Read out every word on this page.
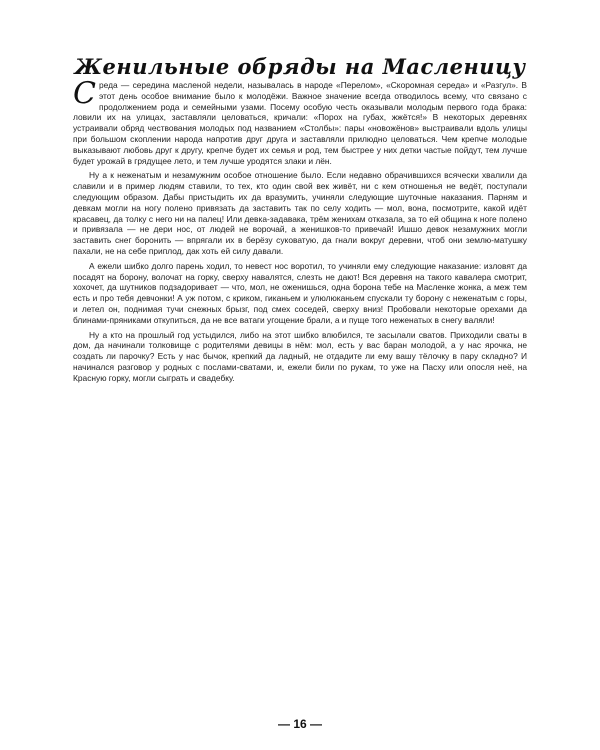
Женильные обряды на Масленицу

Среда — середина масленой недели, называлась в народе «Перелом», «Скоромная середа» и «Разгул». В этот день особое внимание было к молодёжи. Важное значение всегда отводилось всему, что связано с продолжением рода и семейными узами. Посему особую честь оказывали молодым первого года брака: ловили их на улицах, заставляли целоваться, кричали: «Порох на губах, жжётся!» В некоторых деревнях устраивали обряд чествования молодых под названием «Столбы»: пары «новожёнов» выстраивали вдоль улицы при большом скоплении народа напротив друг друга и заставляли прилюдно целоваться. Чем крепче молодые выказывают любовь друг к другу, крепче будет их семья и род, тем быстрее у них детки частые пойдут, тем лучше будет урожай в грядущее лето, и тем лучше уродятся злаки и лён.

Ну а к неженатым и незамужним особое отношение было. Если недавно обрачившихся всячески хвалили да славили и в пример людям ставили, то тех, кто один свой век живёт, ни с кем отношенья не ведёт, поступали следующим образом. Дабы пристыдить их да вразумить, учиняли следующие шуточные наказания. Парням и девкам могли на ногу полено привязать да заставить так по селу ходить — мол, вона, посмотрите, какой идёт красавец, да толку с него ни на палец! Или девка-задавака, трём женихам отказала, за то ей община к ноге полено и привязала — не дери нос, от людей не ворочай, а женишков-то привечай! Ишшо девок незамужних могли заставить снег боронить — впрягали их в берёзу суковатую, да гнали вокруг деревни, чтоб они землю-матушку пахали, не на себе приплод, дак хоть ей силу давали.

А ежели шибко долго парень ходил, то невест нос воротил, то учиняли ему следующие наказание: изловят да посадят на борону, волочат на горку, сверху навалятся, слезть не дают! Вся деревня на такого кавалера смотрит, хохочет, да шутников подзадоривает — что, мол, не оженишься, одна борона тебе на Масленке жонка, а меж тем есть и про тебя девчонки! А уж потом, с криком, гиканьем и улюлюканьем спускали ту борону с неженатым с горы, и летел он, поднимая тучи снежных брызг, под смех соседей, сверху вниз! Пробовали некоторые орехами да блинами-пряниками откупиться, да не все ватаги угощение брали, а и пуще того неженатых в снегу валяли!

Ну а кто на прошлый год устыдился, либо на этот шибко влюбился, те засылали сватов. Приходили сваты в дом, да начинали толковище с родителями девицы в нём: мол, есть у вас баран молодой, а у нас ярочка, не создать ли парочку? Есть у нас бычок, крепкий да ладный, не отдадите ли ему вашу тёлочку в пару складно? И начинался разговор у родных с послами-сватами, и, ежели били по рукам, то уже на Пасху или опосля неё, на Красную горку, могли сыграть и свадебку.

— 16 —
